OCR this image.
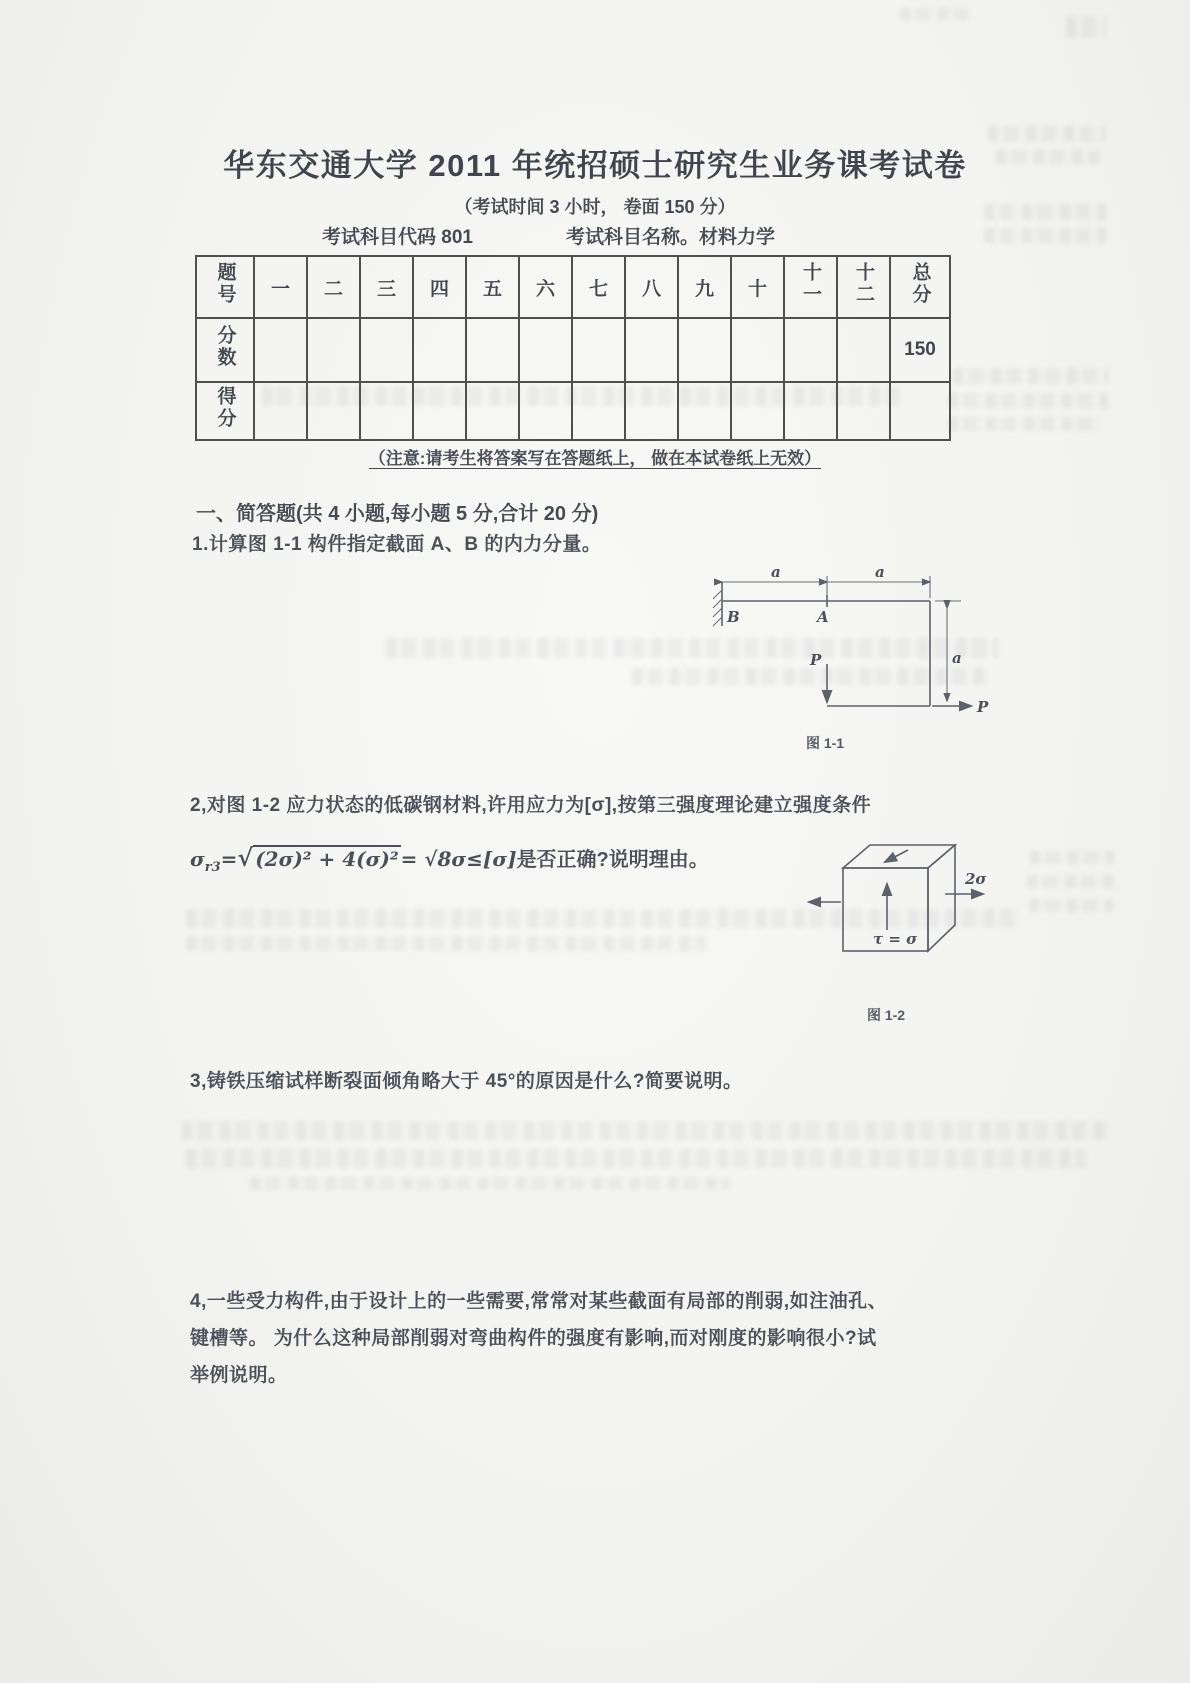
华东交通大学 2011 年统招硕士研究生业务课考试卷
（考试时间 3 小时， 卷面 150 分）
考试科目代码 801	考试科目名称。材料力学
题号	一	二	三	四	五	六	七	八	九	十	十一	十二	总分
分数													150
得分													
（注意:请考生将答案写在答题纸上， 做在本试卷纸上无效）
一、简答题(共 4 小题,每小题 5 分,合计 20 分)
1.计算图 1-1 构件指定截面 A、B 的内力分量。
a	a
B	A
a
P
P
图 1-1
2,对图 1-2 应力状态的低碳钢材料,许用应力为[σ],按第三强度理论建立强度条件
$\sigma_{r3}=√$ (2σ)² + 4(σ)² = √8σ≤[σ]是否正确?说明理由。
τ = σ
2σ
图 1-2
3,铸铁压缩试样断裂面倾角略大于 45°的原因是什么?简要说明。
4,一些受力构件,由于设计上的一些需要,常常对某些截面有局部的削弱,如注油孔、
键槽等。 为什么这种局部削弱对弯曲构件的强度有影响,而对刚度的影响很小?试
举例说明。
